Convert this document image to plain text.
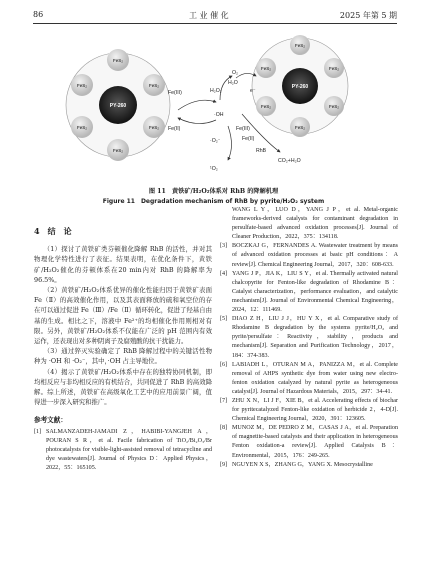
86	工 业 催 化	2025 年第 5 期
FeS₂
FeS₂	FeS₂
FeS₂	FeS₂
FeS₂
PY-260
FeS₂
FeS₂	FeS₂
FeS₂	FeS₂
FeS₂
PY-260
Fe(III)
Fe(II)
H₂O₂
·OH
·O₂⁻
¹O₂
O₂
H₂O
Fe(III)
Fe(II)
e⁻
RhB
CO₂+H₂O
图 11　黄铁矿/H₂O₂体系对 RhB 的降解机理
Figure 11　Degradation mechanism of RhB by pyrite/H₂O₂ system
4　结　论

（1）探讨了黄铁矿类芬顿催化降解 RhB 的活性，并对其物理化学特性进行了表征。结果表明，在优化条件下，黄铁矿/H₂O₂催化的芬顿体系在20 min内对 RhB 的降解率为 96.5%。

（2）黄铁矿/H₂O₂体系优异的催化性能归因于黄铁矿表面 Fe（Ⅱ）的高效催化作用，以及其表面释放的硫和氧空位的存在可以通过促进 Fe（Ⅲ）/Fe（Ⅱ）循环转化，促进了羟基自由基的生成。相比之下，溶液中 Fe²⁺的均相催化作用则相对有限。另外，黄铁矿/H₂O₂体系不仅能在广泛的 pH 范围内有效运作，还表现出对多种阴离子及腐殖酸的抗干扰能力。

（3）通过猝灭实验确定了 RhB 降解过程中的关键活性物种为 ·OH 和 ·O₂⁻，其中，·OH 占主导地位。

（4）揭示了黄铁矿/H₂O₂体系中存在的独特协同机制，即均相反应与非均相反应的有机结合，共同促进了 RhB 的高效降解。综上所述，黄铁矿在高级氧化工艺中的应用前景广阔，值得进一步深入研究和推广。

参考文献：

[1] SALMANZADEH-JAMADI Z，HABIBI-YANGJEH A，POURAN S R，et al. Facile fabrication of TiO₂/Bi₂O₃/Br photocatalysts for visible-light-assisted removal of tetracycline and dye wastewaters[J]. Journal of Physics D：Applied Physics，2022，55：165105.

WANG L Y，LUO D，YANG J P，et al. Metal-organic frameworks-derived catalysts for contaminant degradation in persulfate-based advanced oxidation processes[J]. Journal of Cleaner Production，2022，375：134118.

[3] BOCZKAJ G，FERNANDES A. Wastewater treatment by means of advanced oxidation processes at basic pH conditions：A review[J]. Chemical Engineering Journal，2017，320：608-633.

[4] YANG J P，JIA K，LIU S Y，et al. Thermally activated natural chalcopyrite for Fenton-like degradation of Rhodamine B：Catalyst characterization，performance evaluation，and catalytic mechanism[J]. Journal of Environmental Chemical Engineering，2024，12：111469.

[5] DIAO Z H，LIU J J，HU Y X，et al. Comparative study of Rhodamine B degradation by the systems pyrite/H₂O₂ and pyrite/persulfate：Reactivity，stability，products and mechanism[J]. Separation and Purification Technology，2017，184：374-383.

[6] LABIADH L，OTURAN M A，PANIZZA M，et al. Complete removal of AHPS synthetic dye from water using new electro-fenton oxidation catalyzed by natural pyrite as heterogeneous catalyst[J]. Journal of Hazardous Materials，2015，297：34-41.

[7] ZHU X N，LI J F，XIE B，et al. Accelerating effects of biochar for pyritecatalyzed Fenton-like oxidation of herbicide 2，4-D[J]. Chemical Engineering Journal，2020，391：123605.

[8] MUNOZ M，DE PEDRO Z M，CASAS J A，et al. Preparation of magnetite-based catalysts and their application in heterogeneous Fenton oxidation-a review[J]. Applied Catalysis B：Environmental，2015，176：249-265.

[9] NGUYEN X S，ZHANG G，YANG X. Mesocrystalline
